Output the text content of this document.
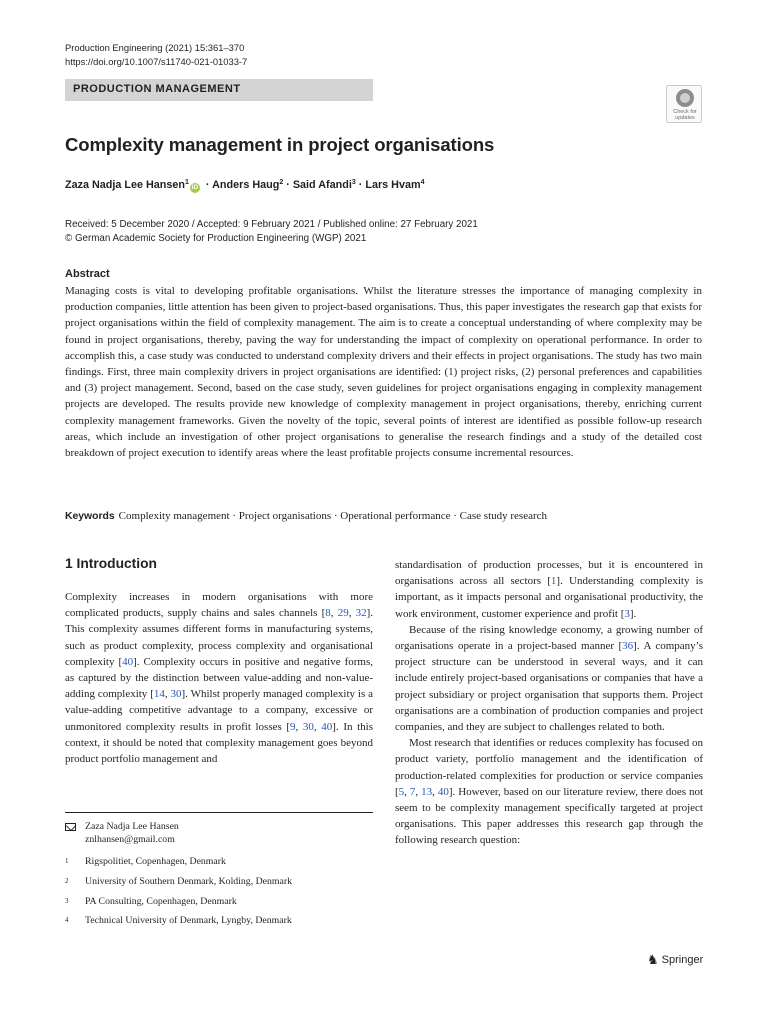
Production Engineering (2021) 15:361–370
https://doi.org/10.1007/s11740-021-01033-7
PRODUCTION MANAGEMENT
Check for
updates
Complexity management in project organisations
Zaza Nadja Lee Hansen$^1$iD · Anders Haug$^2$ · Said Afandi$^3$ · Lars Hvam$^4$
Received: 5 December 2020 / Accepted: 9 February 2021 / Published online: 27 February 2021
© German Academic Society for Production Engineering (WGP) 2021
Abstract
Managing costs is vital to developing profitable organisations. Whilst the literature stresses the importance of managing complexity in production companies, little attention has been given to project-based organisations. Thus, this paper investigates the research gap that exists for project organisations within the field of complexity management. The aim is to create a conceptual understanding of where complexity may be found in project organisations, thereby, paving the way for understanding the impact of complexity on operational performance. In order to accomplish this, a case study was conducted to understand complexity drivers and their effects in project organisations. The study has two main findings. First, three main complexity drivers in project organisations are identified: (1) project risks, (2) personal preferences and capabilities and (3) project management. Second, based on the case study, seven guidelines for project organisations engaging in complexity management projects are developed. The results provide new knowledge of complexity management in project organisations, thereby, enriching current complexity management frameworks. Given the novelty of the topic, several points of interest are identified as possible follow-up research areas, which include an investigation of other project organisations to generalise the research findings and a study of the detailed cost breakdown of project execution to identify areas where the least profitable projects consume incremental resources.
Keywords Complexity management · Project organisations · Operational performance · Case study research
1 Introduction

Complexity increases in modern organisations with more complicated products, supply chains and sales channels [8, 29, 32]. This complexity assumes different forms in manufacturing systems, such as product complexity, process complexity and organisational complexity [40]. Complexity occurs in positive and negative forms, as captured by the distinction between value-adding and non-value-adding complexity [14, 30]. Whilst properly managed complexity is a value-adding competitive advantage to a company, excessive or unmonitored complexity results in profit losses [9, 30, 40]. In this context, it should be noted that complexity management goes beyond product portfolio management and

standardisation of production processes, but it is encountered in organisations across all sectors [1]. Understanding complexity is important, as it impacts personal and organisational productivity, the work environment, customer experience and profit [3].

Because of the rising knowledge economy, a growing number of organisations operate in a project-based manner [36]. A company’s project structure can be understood in several ways, and it can include entirely project-based organisations or companies that have a project subsidiary or project organisation that supports them. Project organisations are a combination of production companies and project companies, and they are subject to challenges related to both.

Most research that identifies or reduces complexity has focused on product variety, portfolio management and the identification of production-related complexities for production or service companies [5, 7, 13, 40]. However, based on our literature review, there does not seem to be complexity management specifically targeted at project organisations. This paper addresses this research gap through the following research question:

Zaza Nadja Lee Hansen
znlhansen@gmail.com
1 Rigspolitiet, Copenhagen, Denmark
2 University of Southern Denmark, Kolding, Denmark
3 PA Consulting, Copenhagen, Denmark
4 Technical University of Denmark, Lyngby, Denmark
♞ Springer
